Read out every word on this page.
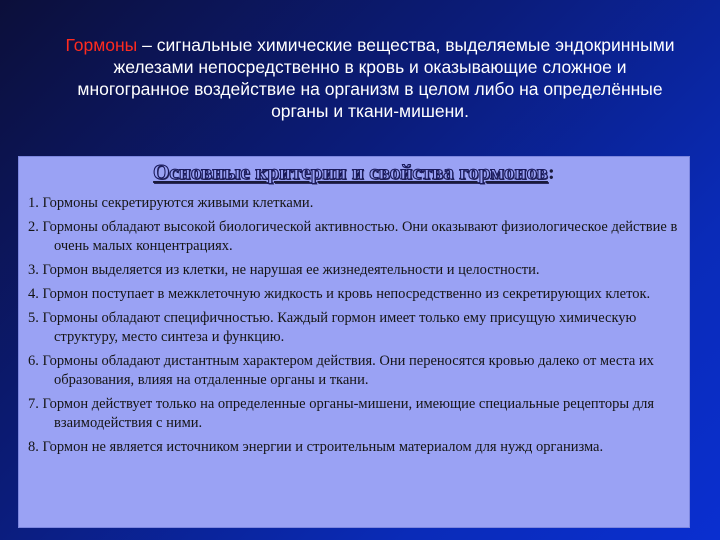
Гормоны – сигнальные химические вещества, выделяемые эндокринными железами непосредственно в кровь и оказывающие сложное и многогранное воздействие на организм в целом либо на определённые органы и ткани-мишени.
Основные критерии и свойства гормонов:
1. Гормоны секретируются живыми клетками.
2. Гормоны обладают высокой биологической активностью. Они оказывают физиологическое действие в очень малых концентрациях.
3. Гормон выделяется из клетки, не нарушая ее жизнедеятельности и целостности.
4. Гормон поступает в межклеточную жидкость и кровь непосредственно из секретирующих клеток.
5. Гормоны обладают специфичностью. Каждый гормон имеет только ему присущую химическую структуру, место синтеза и функцию.
6. Гормоны обладают дистантным характером действия. Они переносятся кровью далеко от места их образования, влияя на отдаленные органы и ткани.
7. Гормон действует только на определенные органы-мишени, имеющие специальные рецепторы для взаимодействия с ними.
8. Гормон не является источником энергии и строительным материалом для нужд организма.
